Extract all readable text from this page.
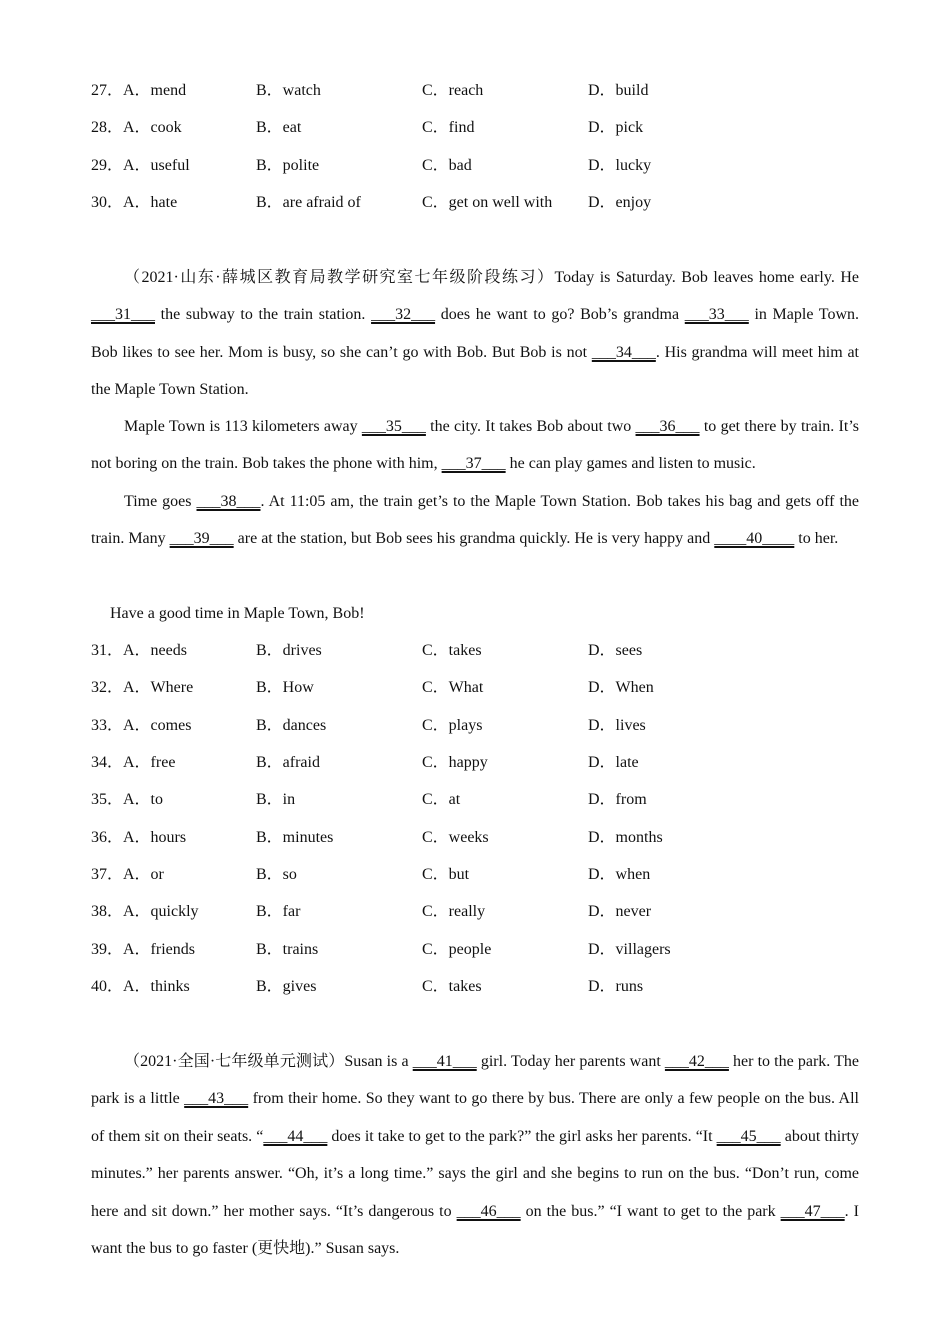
27． A．mend	B．watch	C．reach	D．build
28． A．cook	B．eat	C．find	D．pick
29． A．useful	B．polite	C．bad	D．lucky
30． A．hate	B．are afraid of	C．get on well with D．enjoy
（2021·山东·薛城区教育局教学研究室七年级阶段练习）Today is Saturday. Bob leaves home early. He ___31___ the subway to the train station. ___32___ does he want to go? Bob’s grandma ___33___ in Maple Town. Bob likes to see her. Mom is busy, so she can’t go with Bob. But Bob is not ___34___. His grandma will meet him at the Maple Town Station.
Maple Town is 113 kilometers away ___35___ the city. It takes Bob about two ___36___ to get there by train. It’s not boring on the train. Bob takes the phone with him, ___37___ he can play games and listen to music.
Time goes ___38___. At 11:05 am, the train get’s to the Maple Town Station. Bob takes his bag and gets off the train. Many ___39___ are at the station, but Bob sees his grandma quickly. He is very happy and ____40____ to her.
Have a good time in Maple Town, Bob!
31． A．needs	B．drives	C．takes	D．sees
32． A．Where	B．How	C．What	D．When
33． A．comes	B．dances	C．plays	D．lives
34． A．free	B．afraid	C．happy	D．late
35． A．to	B．in	C．at	D．from
36． A．hours	B．minutes	C．weeks	D．months
37． A．or	B．so	C．but	D．when
38． A．quickly	B．far	C．really	D．never
39． A．friends	B．trains	C．people	D．villagers
40． A．thinks	B．gives	C．takes	D．runs
（2021·全国·七年级单元测试）Susan is a ___41___ girl. Today her parents want ___42___ her to the park. The park is a little ___43___ from their home. So they want to go there by bus. There are only a few people on the bus. All of them sit on their seats. “___44___ does it take to get to the park?” the girl asks her parents. “It ___45___ about thirty minutes.” her parents answer. “Oh, it’s a long time.” says the girl and she begins to run on the bus. “Don’t run, come here and sit down.” her mother says. “It’s dangerous to ___46___ on the bus.” “I want to get to the park ___47___. I want the bus to go faster (更快地).” Susan says.
